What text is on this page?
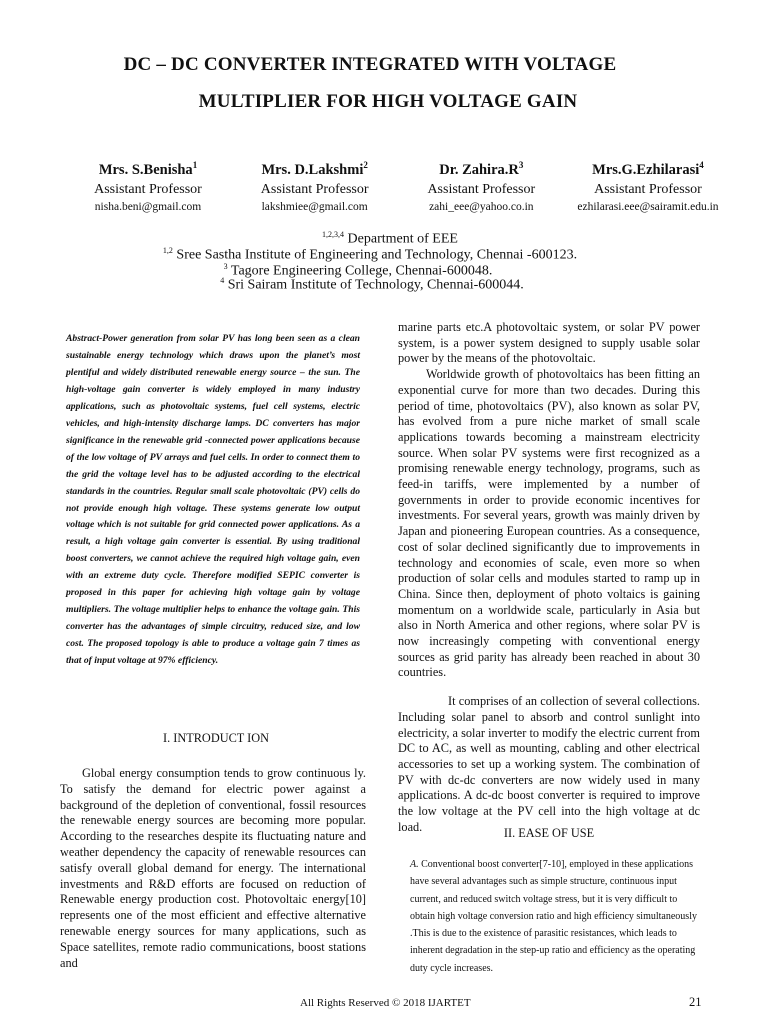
DC – DC CONVERTER INTEGRATED WITH VOLTAGE
MULTIPLIER FOR HIGH VOLTAGE GAIN
Mrs. S.Benisha$^1$
Assistant Professor
nisha.beni@gmail.com
Mrs. D.Lakshmi$^2$
Assistant Professor
lakshmiee@gmail.com
Dr. $Zahira.R^3$
Assistant Professor
zahi_eee@yahoo.co.in
Mrs.G.Ezhilarasi$^4$
Assistant Professor
ezhilarasi.eee@sairamit.edu.in
$^{1,2,3,4}$ Department of EEE
$^{1,2}$ Sree Sastha Institute of Engineering and Technology, Chennai -600123.
$^3$ Tagore Engineering College, Chennai-600048.
$^4$ Sri Sairam Institute of Technology, Chennai-600044.
Abstract-Power generation from solar PV has long been seen as a clean sustainable energy technology which draws upon the planet’s most plentiful and widely distributed renewable energy source – the sun. The high-voltage gain converter is widely employed in many industry applications, such as photovoltaic systems, fuel cell systems, electric vehicles, and high-intensity discharge lamps. DC converters has major significance in the renewable grid -connected power applications because of the low voltage of PV arrays and fuel cells. In order to connect them to the grid the voltage level has to be adjusted according to the electrical standards in the countries. Regular small scale photovoltaic (PV) cells do not provide enough high voltage. These systems generate low output voltage which is not suitable for grid connected power applications. As a result, a high voltage gain converter is essential. By using traditional boost converters, we cannot achieve the required high voltage gain, even with an extreme duty cycle. Therefore modified SEPIC converter is proposed in this paper for achieving high voltage gain by voltage multipliers. The voltage multiplier helps to enhance the voltage gain. This converter has the advantages of simple circuitry, reduced size, and low cost. The proposed topology is able to produce a voltage gain 7 times as that of input voltage at 97% efficiency.
I. INTRODUCT ION

Global energy consumption tends to grow continuous ly. To satisfy the demand for electric power against a background of the depletion of conventional, fossil resources the renewable energy sources are becoming more popular. According to the researches despite its fluctuating nature and weather dependency the capacity of renewable resources can satisfy overall global demand for energy. The international investments and R&D efforts are focused on reduction of Renewable energy production cost. Photovoltaic energy[10] represents one of the most efficient and effective alternative renewable energy sources for many applications, such as Space satellites, remote radio communications, boost stations and

marine parts etc.A photovoltaic system, or solar PV power system, is a power system designed to supply usable solar power by the means of the photovoltaic.

Worldwide growth of photovoltaics has been fitting an exponential curve for more than two decades. During this period of time, photovoltaics (PV), also known as solar PV, has evolved from a pure niche market of small scale applications towards becoming a mainstream electricity source. When solar PV systems were first recognized as a promising renewable energy technology, programs, such as feed-in tariffs, were implemented by a number of governments in order to provide economic incentives for investments. For several years, growth was mainly driven by Japan and pioneering European countries. As a consequence, cost of solar declined significantly due to improvements in technology and economies of scale, even more so when production of solar cells and modules started to ramp up in China. Since then, deployment of photo voltaics is gaining momentum on a worldwide scale, particularly in Asia but also in North America and other regions, where solar PV is now increasingly competing with conventional energy sources as grid parity has already been reached in about 30 countries.

It comprises of an collection of several collections. Including solar panel to absorb and control sunlight into electricity, a solar inverter to modify the electric current from DC to AC, as well as mounting, cabling and other electrical accessories to set up a working system. The combination of PV with dc-dc converters are now widely used in many applications. A dc-dc boost converter is required to improve the low voltage at the PV cell into the high voltage at dc load.	II. EASE OF USE
A. Conventional boost converter[7-10], employed in these applications have several advantages such as simple structure, continuous input current, and reduced switch voltage stress, but it is very difficult to obtain high voltage conversion ratio and high efficiency simultaneously .This is due to the existence of parasitic resistances, which leads to inherent degradation in the step-up ratio and efficiency as the operating duty cycle increases.
All Rights Reserved © 2018 IJARTET	21
